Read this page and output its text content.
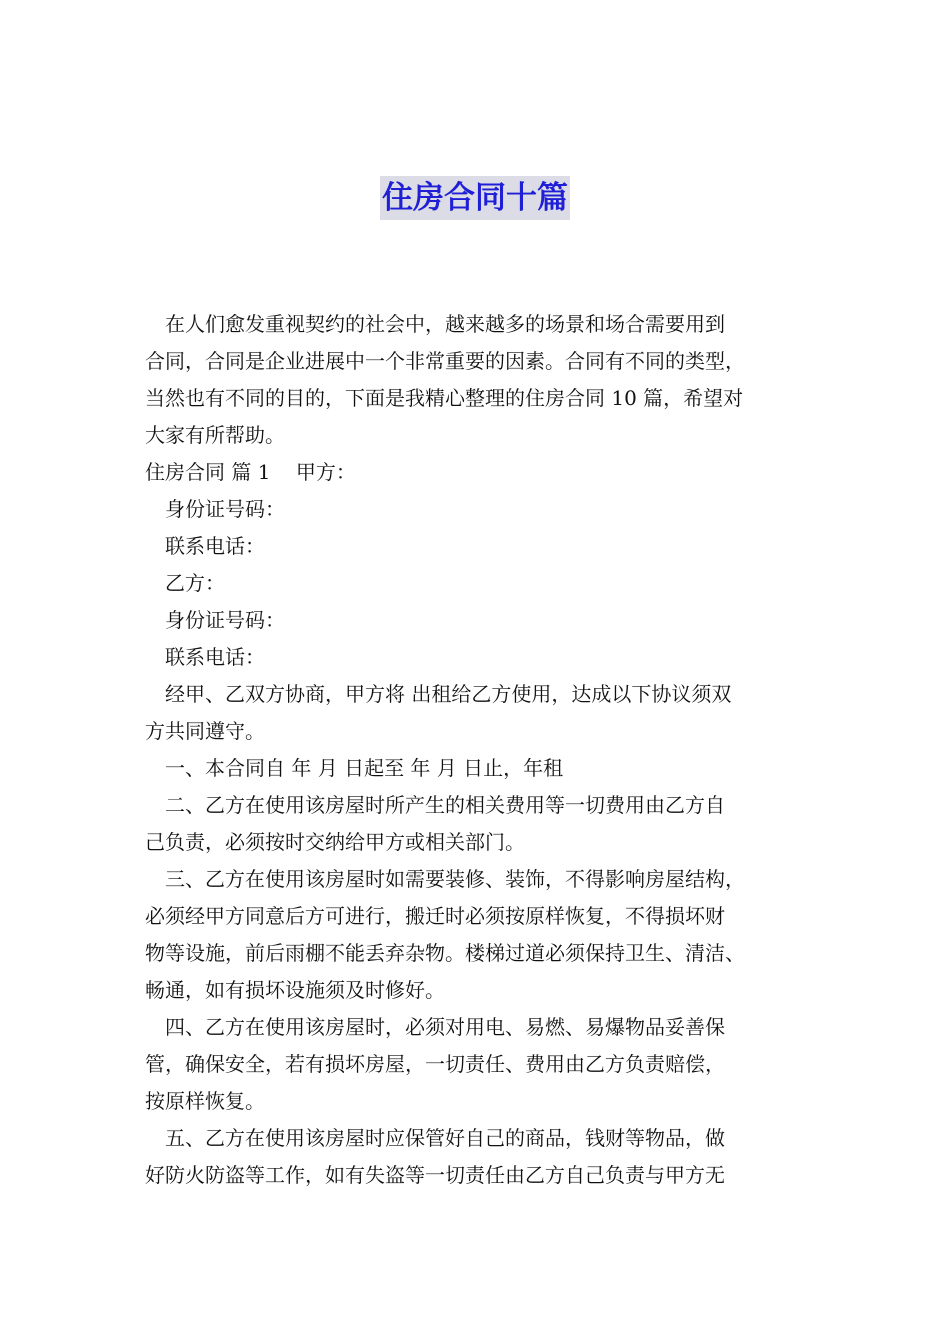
住房合同十篇

在人们愈发重视契约的社会中，越来越多的场景和场合需要用到

合同，合同是企业进展中一个非常重要的因素。合同有不同的类型，

当然也有不同的目的，下面是我精心整理的住房合同 10 篇，希望对

大家有所帮助。

住房合同 篇 1    甲方：

身份证号码：

联系电话：

乙方：

身份证号码：

联系电话：

经甲、乙双方协商，甲方将 出租给乙方使用，达成以下协议须双

方共同遵守。

一、本合同自 年 月 日起至 年 月 日止，年租

二、乙方在使用该房屋时所产生的相关费用等一切费用由乙方自

己负责，必须按时交纳给甲方或相关部门。

三、乙方在使用该房屋时如需要装修、装饰，不得影响房屋结构，

必须经甲方同意后方可进行，搬迁时必须按原样恢复，不得损坏财

物等设施，前后雨棚不能丢弃杂物。楼梯过道必须保持卫生、清洁、

畅通，如有损坏设施须及时修好。

四、乙方在使用该房屋时，必须对用电、易燃、易爆物品妥善保

管，确保安全，若有损坏房屋，一切责任、费用由乙方负责赔偿，

按原样恢复。

五、乙方在使用该房屋时应保管好自己的商品，钱财等物品，做

好防火防盗等工作，如有失盗等一切责任由乙方自己负责与甲方无
